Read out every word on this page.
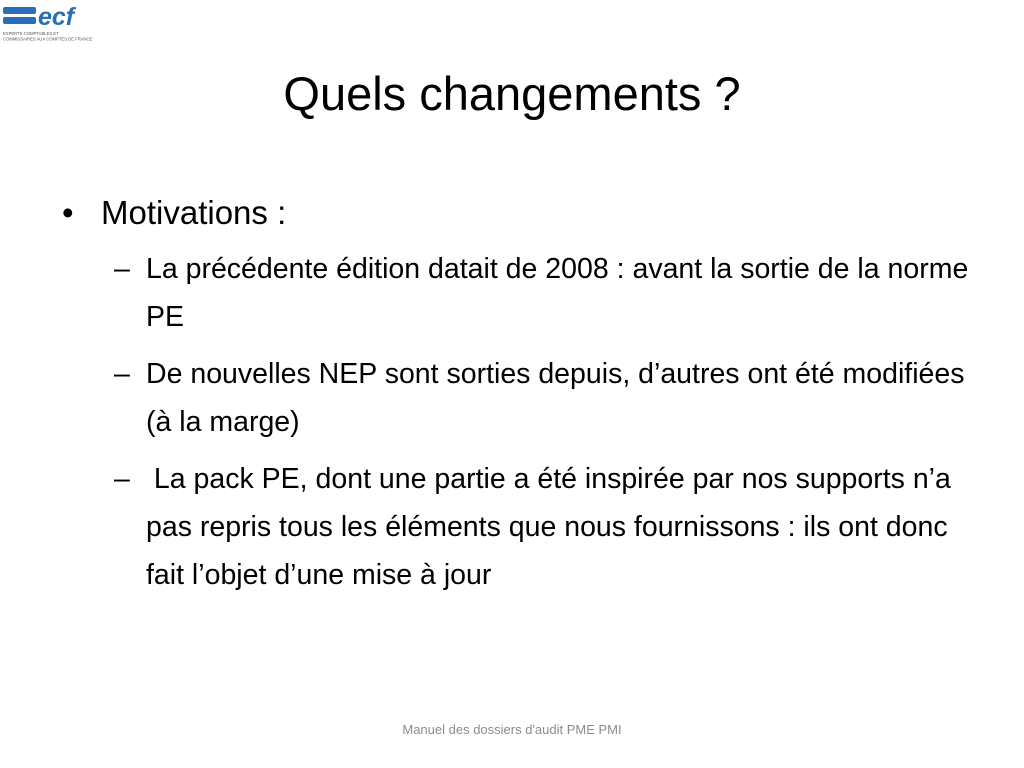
ecf
EXPERTS-COMPTABLES ET
COMMISSAIRES AUX COMPTES DE FRANCE
Quels changements ?
• Motivations :
– La précédente édition datait de 2008 : avant la sortie de la norme PE
– De nouvelles NEP sont sorties depuis, d’autres ont été modifiées (à la marge)
– La pack PE, dont une partie a été inspirée par nos supports n’a pas repris tous les éléments que nous fournissons : ils ont donc fait l’objet d’une mise à jour
Manuel des dossiers d'audit PME PMI
